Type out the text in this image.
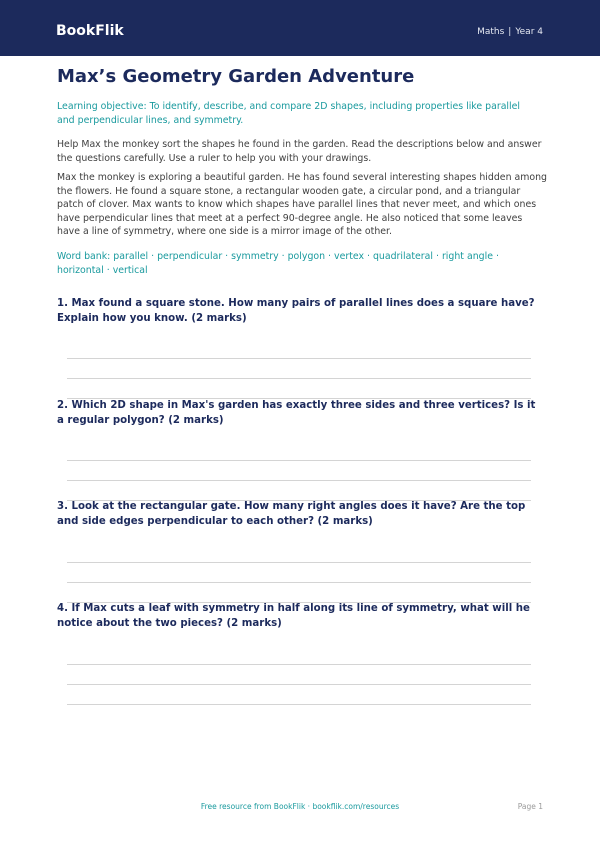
BookFlik	Maths | Year 4
Max’s Geometry Garden Adventure
Learning objective: To identify, describe, and compare 2D shapes, including properties like parallel and perpendicular lines, and symmetry.
Help Max the monkey sort the shapes he found in the garden. Read the descriptions below and answer the questions carefully. Use a ruler to help you with your drawings.
Max the monkey is exploring a beautiful garden. He has found several interesting shapes hidden among the flowers. He found a square stone, a rectangular wooden gate, a circular pond, and a triangular patch of clover. Max wants to know which shapes have parallel lines that never meet, and which ones have perpendicular lines that meet at a perfect 90-degree angle. He also noticed that some leaves have a line of symmetry, where one side is a mirror image of the other.
Word bank: parallel · perpendicular · symmetry · polygon · vertex · quadrilateral · right angle · horizontal · vertical
1. Max found a square stone. How many pairs of parallel lines does a square have? Explain how you know. (2 marks)
2. Which 2D shape in Max's garden has exactly three sides and three vertices? Is it a regular polygon? (2 marks)
3. Look at the rectangular gate. How many right angles does it have? Are the top and side edges perpendicular to each other? (2 marks)
4. If Max cuts a leaf with symmetry in half along its line of symmetry, what will he notice about the two pieces? (2 marks)
Free resource from BookFlik · bookflik.com/resources	Page 1
